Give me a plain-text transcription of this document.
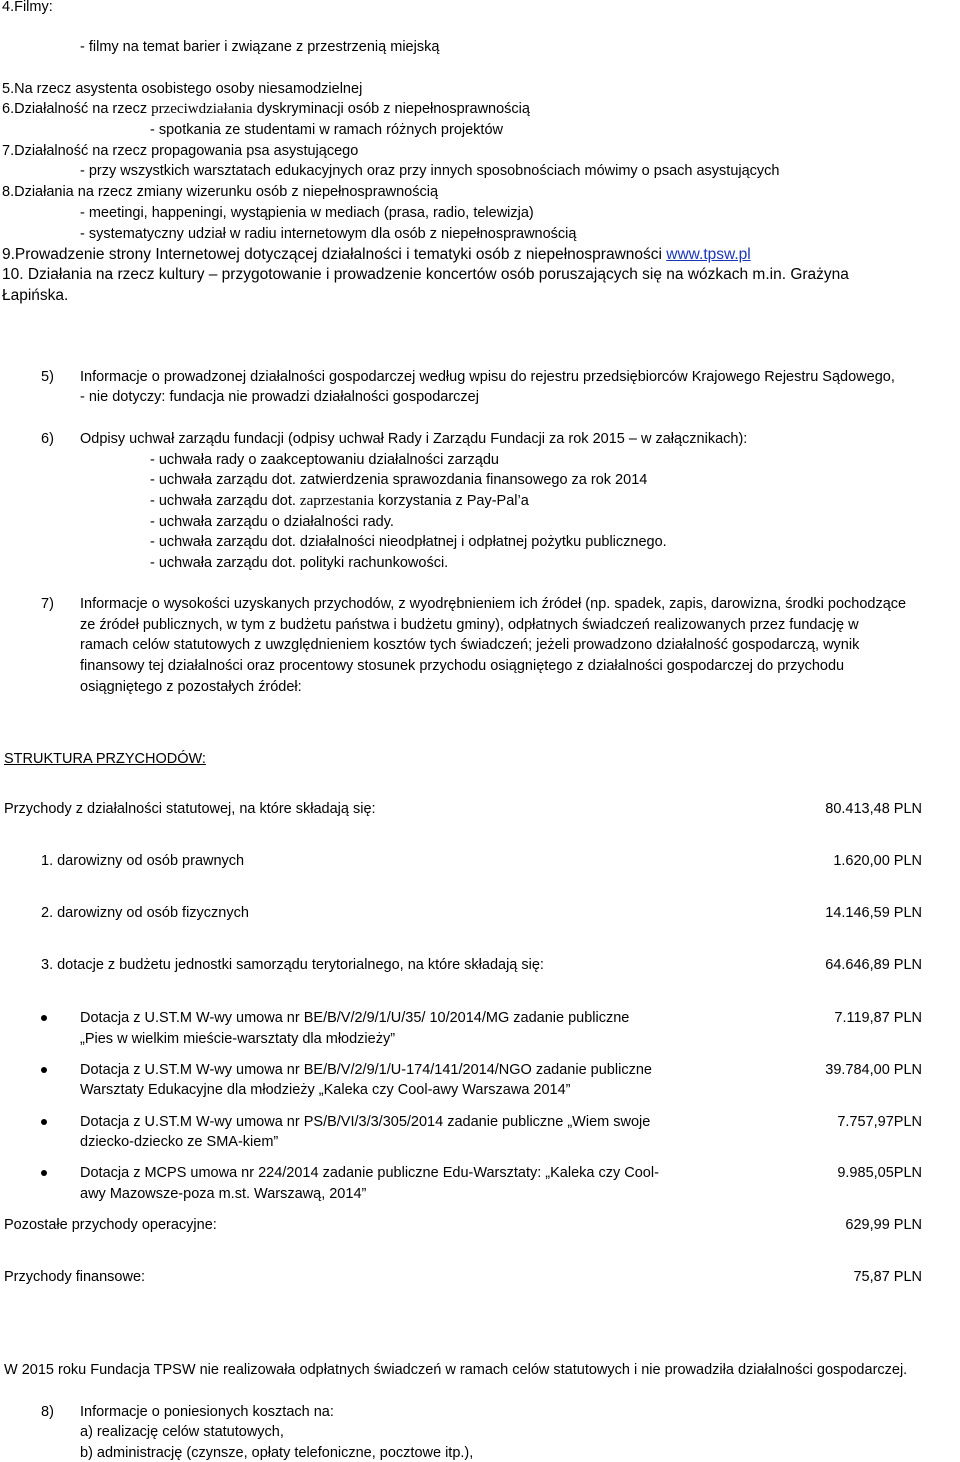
4.Filmy:
- filmy na temat barier i związane z przestrzenią miejską
5.Na rzecz asystenta osobistego osoby niesamodzielnej
6.Działalność na rzecz przeciwdziałania dyskryminacji osób z niepełnosprawnością
- spotkania ze studentami w ramach różnych projektów
7.Działalność na rzecz propagowania psa asystującego
- przy wszystkich warsztatach edukacyjnych oraz przy innych sposobnościach mówimy o psach asystujących
8.Działania na rzecz zmiany wizerunku osób z niepełnosprawnością
- meetingi, happeningi, wystąpienia w mediach (prasa, radio, telewizja)
- systematyczny udział w radiu internetowym dla osób z niepełnosprawnością
9.Prowadzenie strony Internetowej dotyczącej działalności i tematyki osób z niepełnosprawności www.tpsw.pl
10. Działania na rzecz kultury – przygotowanie i prowadzenie koncertów osób poruszających się na wózkach m.in. Grażyna
Łapińska.
5) Informacje o prowadzonej działalności gospodarczej według wpisu do rejestru przedsiębiorców Krajowego Rejestru Sądowego,
- nie dotyczy: fundacja nie prowadzi działalności gospodarczej
6) Odpisy uchwał zarządu fundacji (odpisy uchwał Rady i Zarządu Fundacji za rok 2015 – w załącznikach):
- uchwała rady o zaakceptowaniu działalności zarządu
- uchwała zarządu dot. zatwierdzenia sprawozdania finansowego za rok 2014
- uchwała zarządu dot. zaprzestania korzystania z Pay-Pal’a
- uchwała zarządu o działalności rady.
- uchwała zarządu dot. działalności nieodpłatnej i odpłatnej pożytku publicznego.
- uchwała zarządu dot. polityki rachunkowości.
7) Informacje o wysokości uzyskanych przychodów, z wyodrębnieniem ich źródeł (np. spadek, zapis, darowizna, środki pochodzące
ze źródeł publicznych, w tym z budżetu państwa i budżetu gminy), odpłatnych świadczeń realizowanych przez fundację w
ramach celów statutowych z uwzględnieniem kosztów tych świadczeń; jeżeli prowadzono działalność gospodarczą, wynik
finansowy tej działalności oraz procentowy stosunek przychodu osiągniętego z działalności gospodarczej do przychodu
osiągniętego z pozostałych źródeł:
STRUKTURA PRZYCHODÓW:
Przychody z działalności statutowej, na które składają się:	80.413,48 PLN
1. darowizny od osób prawnych	1.620,00 PLN
2. darowizny od osób fizycznych	14.146,59 PLN
3. dotacje z budżetu jednostki samorządu terytorialnego, na które składają się:	64.646,89 PLN
Dotacja z U.ST.M W-wy umowa nr BE/B/V/2/9/1/U/35/ 10/2014/MG zadanie publiczne
„Pies w wielkim mieście-warsztaty dla młodzieży”
7.119,87 PLN
Dotacja z U.ST.M W-wy umowa nr BE/B/V/2/9/1/U-174/141/2014/NGO zadanie publiczne
Warsztaty Edukacyjne dla młodzieży „Kaleka czy Cool-awy Warszawa 2014”
39.784,00 PLN
Dotacja z U.ST.M W-wy umowa nr PS/B/VI/3/3/305/2014 zadanie publiczne „Wiem swoje
dziecko-dziecko ze SMA-kiem”
7.757,97PLN
Dotacja z MCPS umowa nr 224/2014 zadanie publiczne Edu-Warsztaty: „Kaleka czy Cool-
awy Mazowsze-poza m.st. Warszawą, 2014”
9.985,05PLN
Pozostałe przychody operacyjne:	629,99 PLN
Przychody finansowe:	75,87 PLN
W 2015 roku Fundacja TPSW nie realizowała odpłatnych świadczeń w ramach celów statutowych i nie prowadziła działalności gospodarczej.
8) Informacje o poniesionych kosztach na:
a) realizację celów statutowych,
b) administrację (czynsze, opłaty telefoniczne, pocztowe itp.),
